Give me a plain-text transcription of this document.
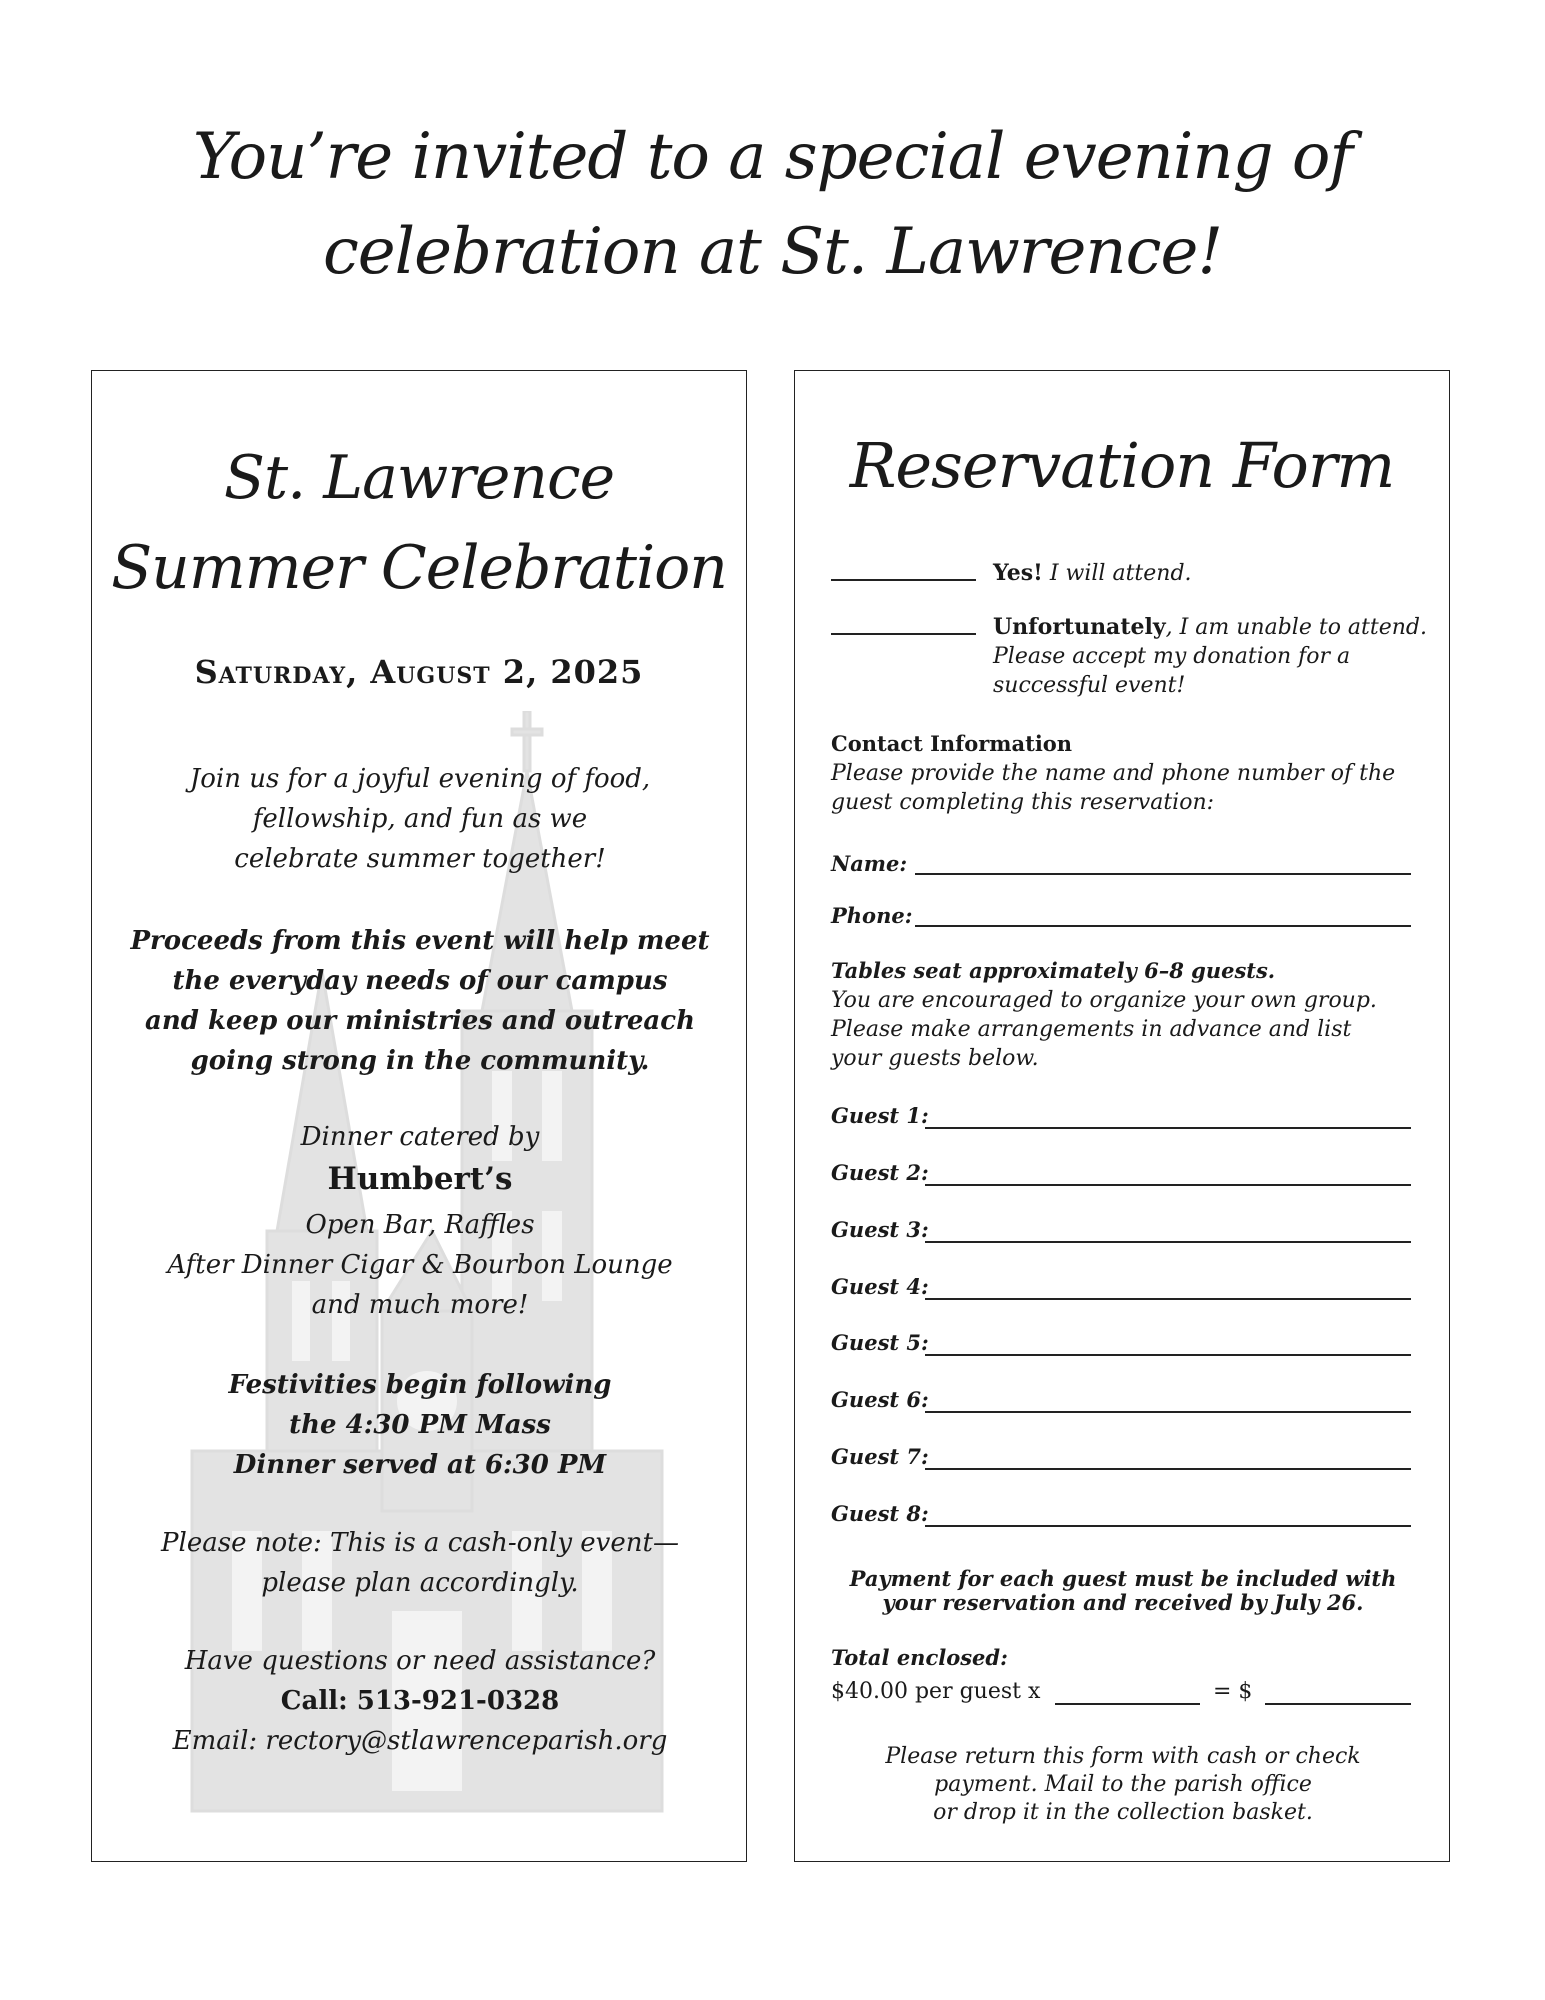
You’re invited to a special evening of
celebration at St. Lawrence!
St. Lawrence
Summer Celebration
Saturday, August 2, 2025
Join us for a joyful evening of food,
fellowship, and fun as we
celebrate summer together!
Proceeds from this event will help meet
the everyday needs of our campus
and keep our ministries and outreach
going strong in the community.
Dinner catered by
Humbert’s
Open Bar, Raffles
After Dinner Cigar & Bourbon Lounge
and much more!
Festivities begin following
the 4:30 PM Mass
Dinner served at 6:30 PM
Please note: This is a cash-only event—
please plan accordingly.
Have questions or need assistance?
Call: 513-921-0328
Email: rectory@stlawrenceparish.org
Reservation Form
Yes! I will attend.
Unfortunately, I am unable to attend.
Please accept my donation for a
successful event!
Contact Information
Please provide the name and phone number of the
guest completing this reservation:
Name:
Phone:
Tables seat approximately 6–8 guests.
You are encouraged to organize your own group.
Please make arrangements in advance and list
your guests below.
Guest 1:
Guest 2:
Guest 3:
Guest 4:
Guest 5:
Guest 6:
Guest 7:
Guest 8:
Payment for each guest must be included with
your reservation and received by July 26.
Total enclosed:
$40.00 per guest x	= $
Please return this form with cash or check
payment. Mail to the parish office
or drop it in the collection basket.
